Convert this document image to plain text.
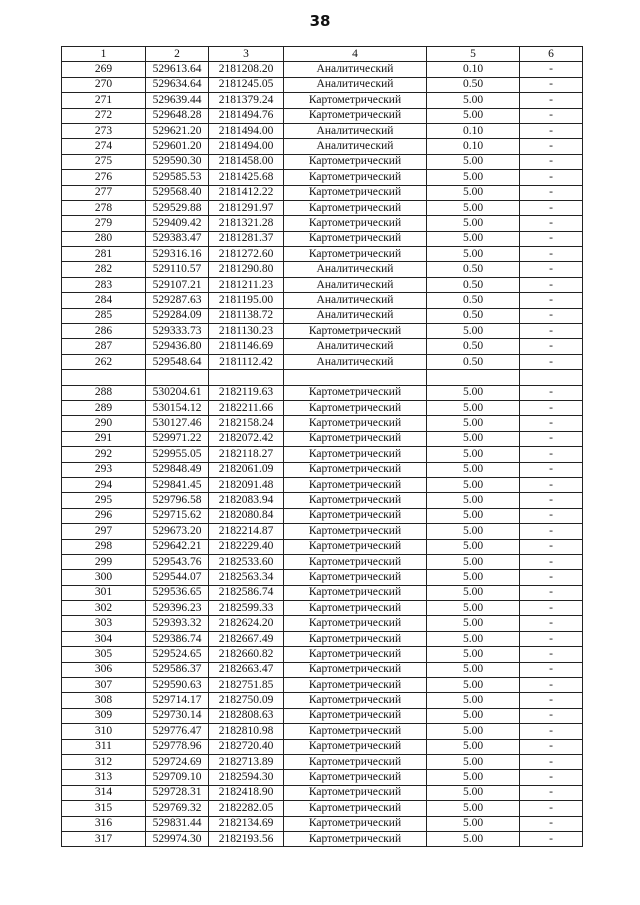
38
1	2	3	4	5	6
269	529613.64	2181208.20	Аналитический	0.10	-
270	529634.64	2181245.05	Аналитический	0.50	-
271	529639.44	2181379.24	Картометрический	5.00	-
272	529648.28	2181494.76	Картометрический	5.00	-
273	529621.20	2181494.00	Аналитический	0.10	-
274	529601.20	2181494.00	Аналитический	0.10	-
275	529590.30	2181458.00	Картометрический	5.00	-
276	529585.53	2181425.68	Картометрический	5.00	-
277	529568.40	2181412.22	Картометрический	5.00	-
278	529529.88	2181291.97	Картометрический	5.00	-
279	529409.42	2181321.28	Картометрический	5.00	-
280	529383.47	2181281.37	Картометрический	5.00	-
281	529316.16	2181272.60	Картометрический	5.00	-
282	529110.57	2181290.80	Аналитический	0.50	-
283	529107.21	2181211.23	Аналитический	0.50	-
284	529287.63	2181195.00	Аналитический	0.50	-
285	529284.09	2181138.72	Аналитический	0.50	-
286	529333.73	2181130.23	Картометрический	5.00	-
287	529436.80	2181146.69	Аналитический	0.50	-
262	529548.64	2181112.42	Аналитический	0.50	-

288	530204.61	2182119.63	Картометрический	5.00	-
289	530154.12	2182211.66	Картометрический	5.00	-
290	530127.46	2182158.24	Картометрический	5.00	-
291	529971.22	2182072.42	Картометрический	5.00	-
292	529955.05	2182118.27	Картометрический	5.00	-
293	529848.49	2182061.09	Картометрический	5.00	-
294	529841.45	2182091.48	Картометрический	5.00	-
295	529796.58	2182083.94	Картометрический	5.00	-
296	529715.62	2182080.84	Картометрический	5.00	-
297	529673.20	2182214.87	Картометрический	5.00	-
298	529642.21	2182229.40	Картометрический	5.00	-
299	529543.76	2182533.60	Картометрический	5.00	-
300	529544.07	2182563.34	Картометрический	5.00	-
301	529536.65	2182586.74	Картометрический	5.00	-
302	529396.23	2182599.33	Картометрический	5.00	-
303	529393.32	2182624.20	Картометрический	5.00	-
304	529386.74	2182667.49	Картометрический	5.00	-
305	529524.65	2182660.82	Картометрический	5.00	-
306	529586.37	2182663.47	Картометрический	5.00	-
307	529590.63	2182751.85	Картометрический	5.00	-
308	529714.17	2182750.09	Картометрический	5.00	-
309	529730.14	2182808.63	Картометрический	5.00	-
310	529776.47	2182810.98	Картометрический	5.00	-
311	529778.96	2182720.40	Картометрический	5.00	-
312	529724.69	2182713.89	Картометрический	5.00	-
313	529709.10	2182594.30	Картометрический	5.00	-
314	529728.31	2182418.90	Картометрический	5.00	-
315	529769.32	2182282.05	Картометрический	5.00	-
316	529831.44	2182134.69	Картометрический	5.00	-
317	529974.30	2182193.56	Картометрический	5.00	-
